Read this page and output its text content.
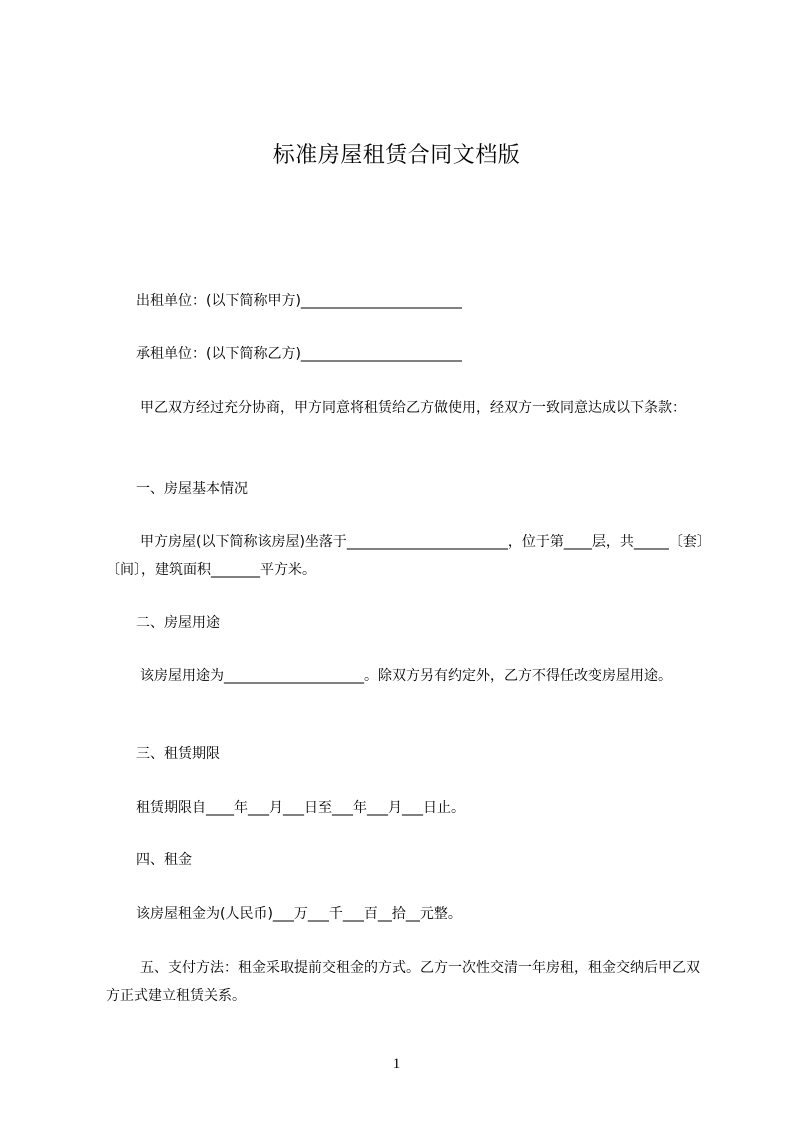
标准房屋租赁合同文档版

出租单位：(以下简称甲方)_______________________

承租单位：(以下简称乙方)_______________________

甲乙双方经过充分协商，甲方同意将租赁给乙方做使用，经双方一致同意达成以下条款：

一、房屋基本情况

甲方房屋(以下简称该房屋)坐落于_______________________，位于第____层，共_____〔套〕〔间〕，建筑面积_______平方米。

二、房屋用途

该房屋用途为____________________。除双方另有约定外，乙方不得任改变房屋用途。

三、租赁期限

租赁期限自____年___月___日至___年___月___日止。

四、租金

该房屋租金为(人民币)___万___千___百__拾__元整。

五、支付方法：租金采取提前交租金的方式。乙方一次性交清一年房租，租金交纳后甲乙双方正式建立租赁关系。

1
